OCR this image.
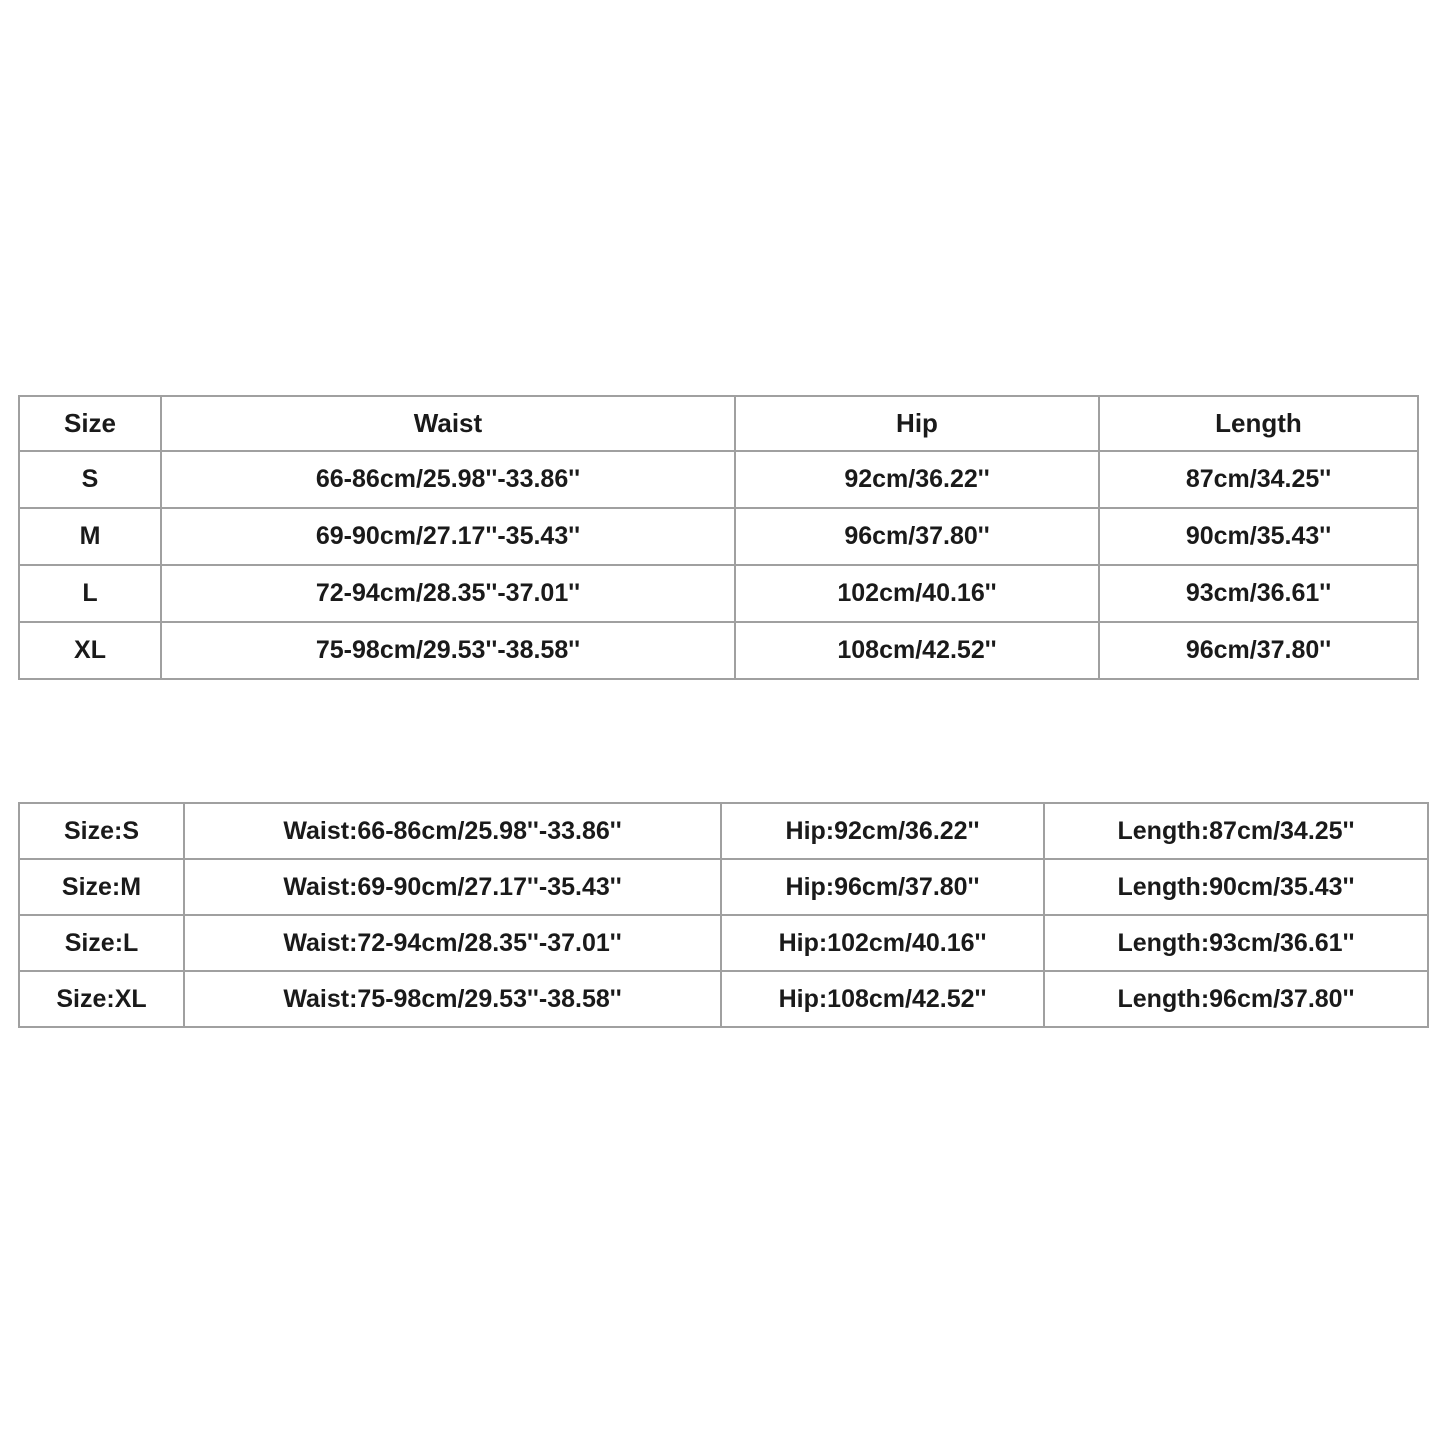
Size	Waist	Hip	Length
S	66-86cm/25.98''-33.86''	92cm/36.22''	87cm/34.25''
M	69-90cm/27.17''-35.43''	96cm/37.80''	90cm/35.43''
L	72-94cm/28.35''-37.01''	102cm/40.16''	93cm/36.61''
XL	75-98cm/29.53''-38.58''	108cm/42.52''	96cm/37.80''
Size:S	Waist:66-86cm/25.98''-33.86''	Hip:92cm/36.22''	Length:87cm/34.25''
Size:M	Waist:69-90cm/27.17''-35.43''	Hip:96cm/37.80''	Length:90cm/35.43''
Size:L	Waist:72-94cm/28.35''-37.01''	Hip:102cm/40.16''	Length:93cm/36.61''
Size:XL	Waist:75-98cm/29.53''-38.58''	Hip:108cm/42.52''	Length:96cm/37.80''
